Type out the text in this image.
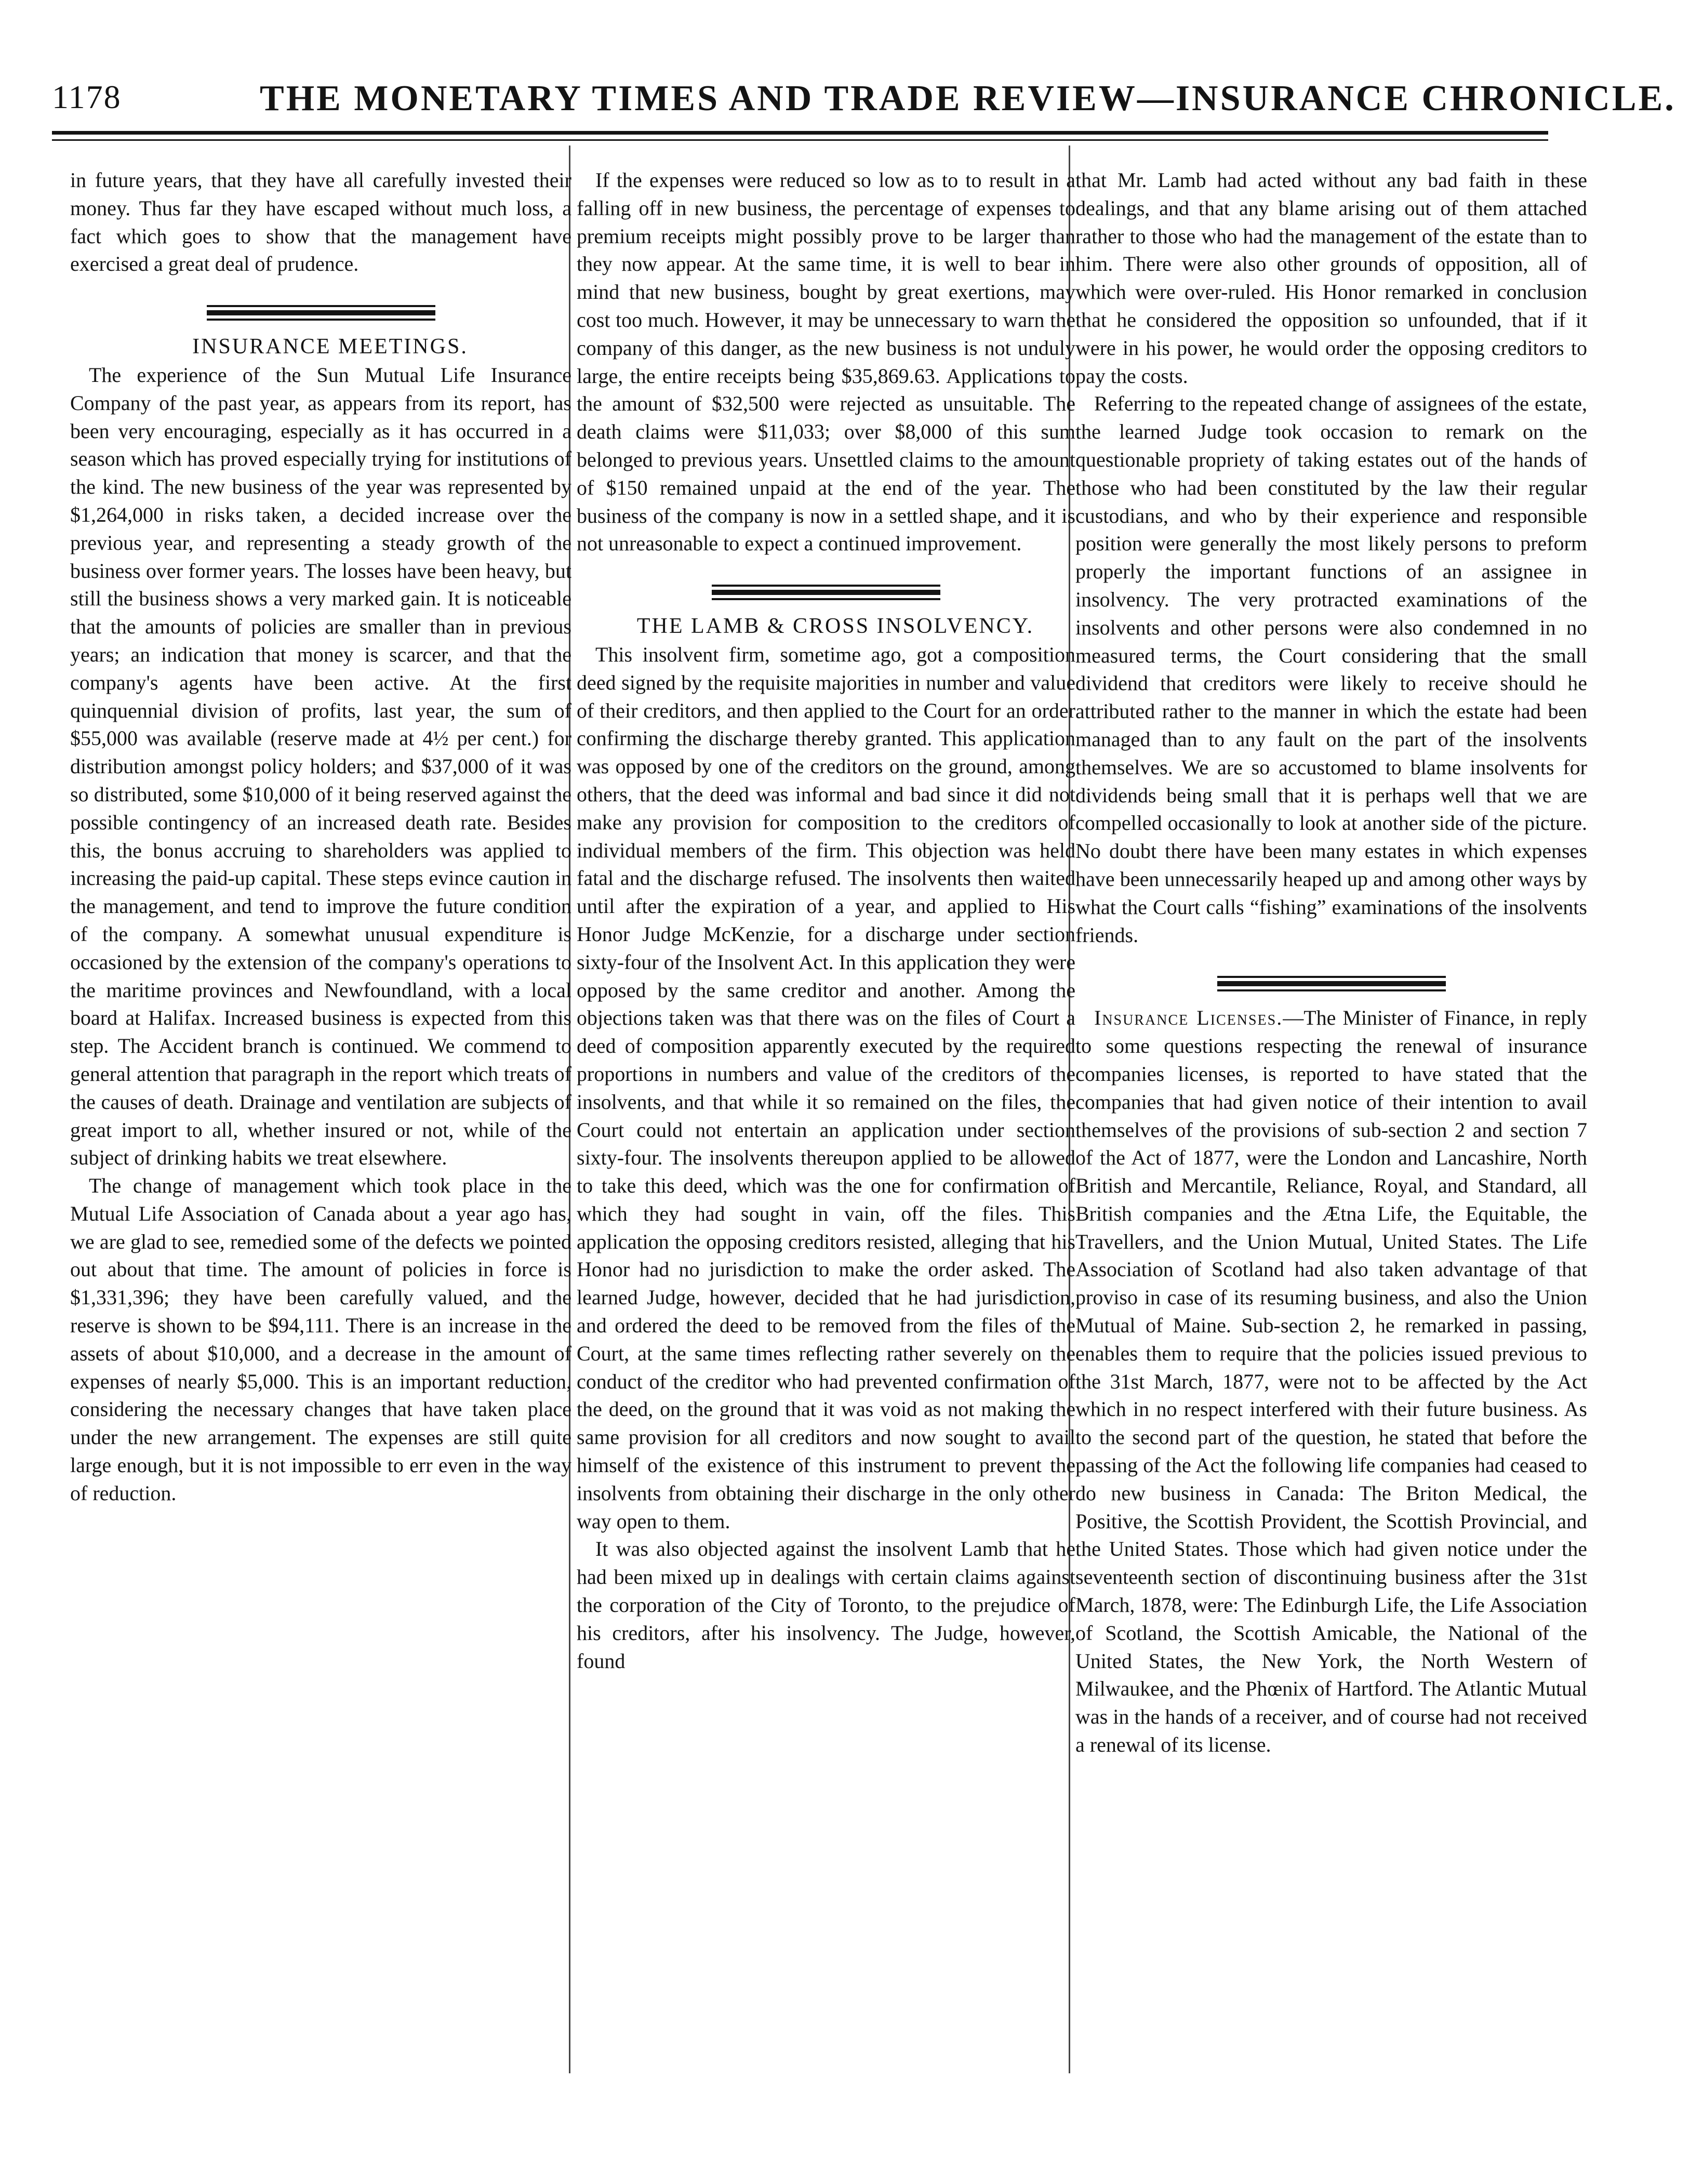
1178	THE MONETARY TIMES AND TRADE REVIEW—INSURANCE CHRONICLE.

in future years, that they have all carefully invested their money. Thus far they have escaped without much loss, a fact which goes to show that the management have exercised a great deal of prudence.

INSURANCE MEETINGS.

The experience of the Sun Mutual Life Insurance Company of the past year, as appears from its report, has been very encouraging, especially as it has occurred in a season which has proved especially trying for institutions of the kind. The new business of the year was represented by $1,264,000 in risks taken, a decided increase over the previous year, and representing a steady growth of the business over former years. The losses have been heavy, but still the business shows a very marked gain. It is noticeable that the amounts of policies are smaller than in previous years; an indication that money is scarcer, and that the company's agents have been active. At the first quinquennial division of profits, last year, the sum of $55,000 was available (reserve made at 4½ per cent.) for distribution amongst policy holders; and $37,000 of it was so distributed, some $10,000 of it being reserved against the possible contingency of an increased death rate. Besides this, the bonus accruing to shareholders was applied to increasing the paid-up capital. These steps evince caution in the management, and tend to improve the future condition of the company. A somewhat unusual expenditure is occasioned by the extension of the company's operations to the maritime provinces and Newfoundland, with a local board at Halifax. Increased business is expected from this step. The Accident branch is continued. We commend to general attention that paragraph in the report which treats of the causes of death. Drainage and ventilation are subjects of great import to all, whether insured or not, while of the subject of drinking habits we treat elsewhere.

The change of management which took place in the Mutual Life Association of Canada about a year ago has, we are glad to see, remedied some of the defects we pointed out about that time. The amount of policies in force is $1,331,396; they have been carefully valued, and the reserve is shown to be $94,111. There is an increase in the assets of about $10,000, and a decrease in the amount of expenses of nearly $5,000. This is an important reduction, considering the necessary changes that have taken place under the new arrangement. The expenses are still quite large enough, but it is not impossible to err even in the way of reduction.

If the expenses were reduced so low as to to result in a falling off in new business, the percentage of expenses to premium receipts might possibly prove to be larger than they now appear. At the same time, it is well to bear in mind that new business, bought by great exertions, may cost too much. However, it may be unnecessary to warn the company of this danger, as the new business is not unduly large, the entire receipts being $35,869.63. Applications to the amount of $32,500 were rejected as unsuitable. The death claims were $11,033; over $8,000 of this sum belonged to previous years. Unsettled claims to the amount of $150 remained unpaid at the end of the year. The business of the company is now in a settled shape, and it is not unreasonable to expect a continued improvement.

THE LAMB & CROSS INSOLVENCY.

This insolvent firm, sometime ago, got a composition deed signed by the requisite majorities in number and value of their creditors, and then applied to the Court for an order confirming the discharge thereby granted. This application was opposed by one of the creditors on the ground, among others, that the deed was informal and bad since it did not make any provision for composition to the creditors of individual members of the firm. This objection was held fatal and the discharge refused. The insolvents then waited until after the expiration of a year, and applied to His Honor Judge McKenzie, for a discharge under section sixty-four of the Insolvent Act. In this application they were opposed by the same creditor and another. Among the objections taken was that there was on the files of Court a deed of composition apparently executed by the required proportions in numbers and value of the creditors of the insolvents, and that while it so remained on the files, the Court could not entertain an application under section sixty-four. The insolvents thereupon applied to be allowed to take this deed, which was the one for confirmation of which they had sought in vain, off the files. This application the opposing creditors resisted, alleging that his Honor had no jurisdiction to make the order asked. The learned Judge, however, decided that he had jurisdiction, and ordered the deed to be removed from the files of the Court, at the same times reflecting rather severely on the conduct of the creditor who had prevented confirmation of the deed, on the ground that it was void as not making the same provision for all creditors and now sought to avail himself of the existence of this instrument to prevent the insolvents from obtaining their discharge in the only other way open to them.

It was also objected against the insolvent Lamb that he had been mixed up in dealings with certain claims against the corporation of the City of Toronto, to the prejudice of his creditors, after his insolvency. The Judge, however, found

that Mr. Lamb had acted without any bad faith in these dealings, and that any blame arising out of them attached rather to those who had the management of the estate than to him. There were also other grounds of opposition, all of which were over-ruled. His Honor remarked in conclusion that he considered the opposition so unfounded, that if it were in his power, he would order the opposing creditors to pay the costs.

Referring to the repeated change of assignees of the estate, the learned Judge took occasion to remark on the questionable propriety of taking estates out of the hands of those who had been constituted by the law their regular custodians, and who by their experience and responsible position were generally the most likely persons to preform properly the important functions of an assignee in insolvency. The very protracted examinations of the insolvents and other persons were also condemned in no measured terms, the Court considering that the small dividend that creditors were likely to receive should he attributed rather to the manner in which the estate had been managed than to any fault on the part of the insolvents themselves. We are so accustomed to blame insolvents for dividends being small that it is perhaps well that we are compelled occasionally to look at another side of the picture. No doubt there have been many estates in which expenses have been unnecessarily heaped up and among other ways by what the Court calls “fishing” examinations of the insolvents friends.

Insurance Licenses.—The Minister of Finance, in reply to some questions respecting the renewal of insurance companies licenses, is reported to have stated that the companies that had given notice of their intention to avail themselves of the provisions of sub-section 2 and section 7 of the Act of 1877, were the London and Lancashire, North British and Mercantile, Reliance, Royal, and Standard, all British companies and the Ætna Life, the Equitable, the Travellers, and the Union Mutual, United States. The Life Association of Scotland had also taken advantage of that proviso in case of its resuming business, and also the Union Mutual of Maine. Sub-section 2, he remarked in passing, enables them to require that the policies issued previous to the 31st March, 1877, were not to be affected by the Act which in no respect interfered with their future business. As to the second part of the question, he stated that before the passing of the Act the following life companies had ceased to do new business in Canada: The Briton Medical, the Positive, the Scottish Provident, the Scottish Provincial, and the United States. Those which had given notice under the seventeenth section of discontinuing business after the 31st March, 1878, were: The Edinburgh Life, the Life Association of Scotland, the Scottish Amicable, the National of the United States, the New York, the North Western of Milwaukee, and the Phœnix of Hartford. The Atlantic Mutual was in the hands of a receiver, and of course had not received a renewal of its license.
